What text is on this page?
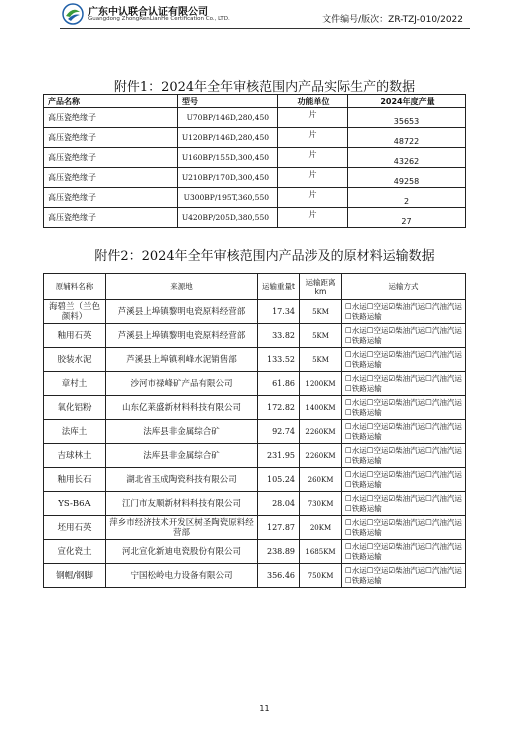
广东中认联合认证有限公司
Guangdong ZhongRenLianHe Certification Co., LTD.	文件编号/版次：ZR-TZJ-010/2022
附件1：2024年全年审核范围内产品实际生产的数据
产品名称	型号	功能单位	2024年度产量
高压瓷绝缘子	U70BP/146D,280,450	片	35653
高压瓷绝缘子	U120BP/146D,280,450	片	48722
高压瓷绝缘子	U160BP/155D,300,450	片	43262
高压瓷绝缘子	U210BP/170D,300,450	片	49258
高压瓷绝缘子	U300BP/195T,360,550	片	2
高压瓷绝缘子	U420BP/205D,380,550	片	27
附件2：2024年全年审核范围内产品涉及的原材料运输数据
原辅料名称	来源地	运输重量t	运输距离 km	运输方式
海碧兰（兰色颜料）	芦溪县上埠镇黎明电瓷原料经营部	17.34	5KM	☐水运☐空运☑柴油汽运☐汽油汽运☐铁路运输
釉用石英	芦溪县上埠镇黎明电瓷原料经营部	33.82	5KM	☐水运☐空运☑柴油汽运☐汽油汽运☐铁路运输
胶装水泥	芦溪县上埠镇利峰水泥销售部	133.52	5KM	☐水运☐空运☑柴油汽运☐汽油汽运☐铁路运输
章村土	沙河市禄峰矿产品有限公司	61.86	1200KM	☐水运☐空运☑柴油汽运☐汽油汽运☐铁路运输
氧化铝粉	山东亿莱盛新材料科技有限公司	172.82	1400KM	☐水运☐空运☑柴油汽运☐汽油汽运☐铁路运输
法库土	法库县非金属综合矿	92.74	2260KM	☐水运☐空运☑柴油汽运☐汽油汽运☐铁路运输
吉球林土	法库县非金属综合矿	231.95	2260KM	☐水运☐空运☑柴油汽运☐汽油汽运☐铁路运输
釉用长石	湖北省玉成陶瓷科技有限公司	105.24	260KM	☐水运☐空运☑柴油汽运☐汽油汽运☐铁路运输
YS-B6A	江门市友顺新材料科技有限公司	28.04	730KM	☐水运☐空运☑柴油汽运☐汽油汽运☐铁路运输
坯用石英	萍乡市经济技术开发区树圣陶瓷原料经营部	127.87	20KM	☐水运☐空运☑柴油汽运☐汽油汽运☐铁路运输
宣化瓷土	河北宣化新迪电瓷股份有限公司	238.89	1685KM	☐水运☐空运☑柴油汽运☐汽油汽运☐铁路运输
钢帽/钢脚	宁国松岭电力设备有限公司	356.46	750KM	☐水运☐空运☑柴油汽运☐汽油汽运☐铁路运输
11
